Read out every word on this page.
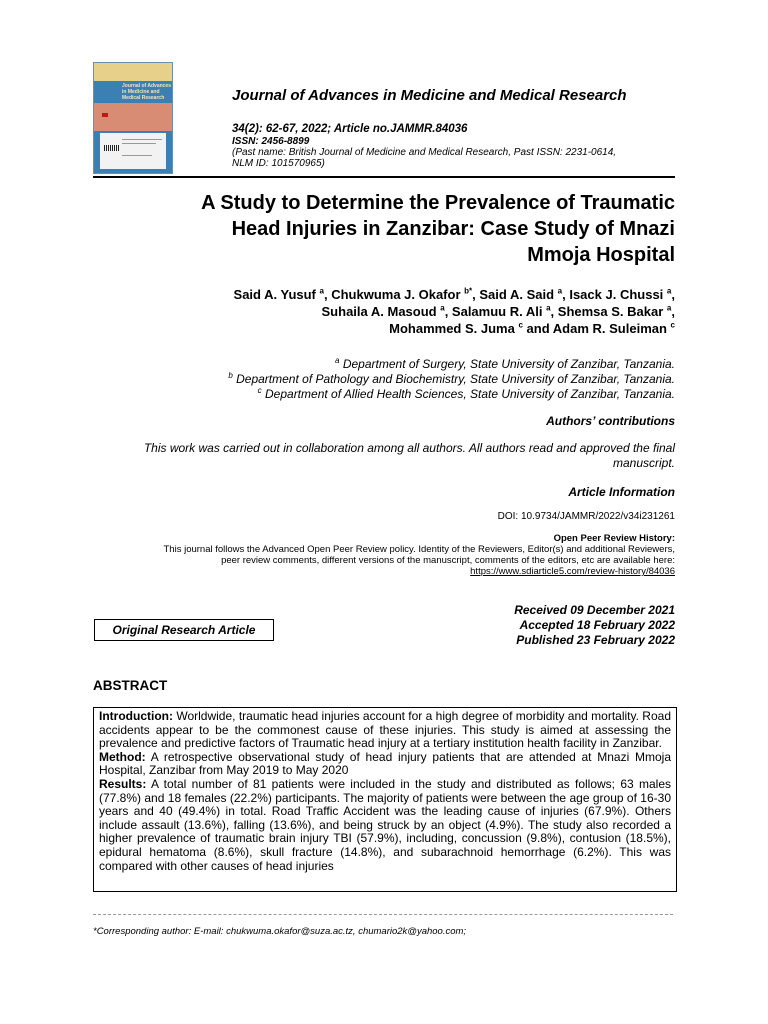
Journal of Advances
in Medicine and
Medical Research	Journal of Advances in Medicine and Medical Research
34(2): 62-67, 2022; Article no.JAMMR.84036
ISSN: 2456-8899
(Past name: British Journal of Medicine and Medical Research, Past ISSN: 2231-0614,
NLM ID: 101570965)
A Study to Determine the Prevalence of Traumatic
Head Injuries in Zanzibar: Case Study of Mnazi
Mmoja Hospital
Said A. Yusuf $^a$, Chukwuma J. Okafor $^{b*}$, Said A. Said $^a$, Isack J. Chussi $^a$,
Suhaila A. Masoud $^a$, Salamuu R. Ali $^a$, Shemsa S. Bakar $^a$,
Mohammed S. Juma $^c$ and Adam R. Suleiman $^c$
$^a$ Department of Surgery, State University of Zanzibar, Tanzania.
$^b$ Department of Pathology and Biochemistry, State University of Zanzibar, Tanzania.
$^c$ Department of Allied Health Sciences, State University of Zanzibar, Tanzania.
Authors’ contributions
This work was carried out in collaboration among all authors. All authors read and approved the final
manuscript.
Article Information
DOI: 10.9734/JAMMR/2022/v34i231261
Open Peer Review History:
This journal follows the Advanced Open Peer Review policy. Identity of the Reviewers, Editor(s) and additional Reviewers,
peer review comments, different versions of the manuscript, comments of the editors, etc are available here:
https://www.sdiarticle5.com/review-history/84036
Original Research Article
Received 09 December 2021
Accepted 18 February 2022
Published 23 February 2022
ABSTRACT

Introduction: Worldwide, traumatic head injuries account for a high degree of morbidity and mortality. Road accidents appear to be the commonest cause of these injuries. This study is aimed at assessing the prevalence and predictive factors of Traumatic head injury at a tertiary institution health facility in Zanzibar.

Method: A retrospective observational study of head injury patients that are attended at Mnazi Mmoja Hospital, Zanzibar from May 2019 to May 2020

Results: A total number of 81 patients were included in the study and distributed as follows; 63 males (77.8%) and 18 females (22.2%) participants. The majority of patients were between the age group of 16-30 years and 40 (49.4%) in total. Road Traffic Accident was the leading cause of injuries (67.9%). Others include assault (13.6%), falling (13.6%), and being struck by an object (4.9%). The study also recorded a higher prevalence of traumatic brain injury TBI (57.9%), including, concussion (9.8%), contusion (18.5%), epidural hematoma (8.6%), skull fracture (14.8%), and subarachnoid hemorrhage (6.2%). This was compared with other causes of head injuries

*Corresponding author: E-mail: chukwuma.okafor@suza.ac.tz, chumario2k@yahoo.com;
